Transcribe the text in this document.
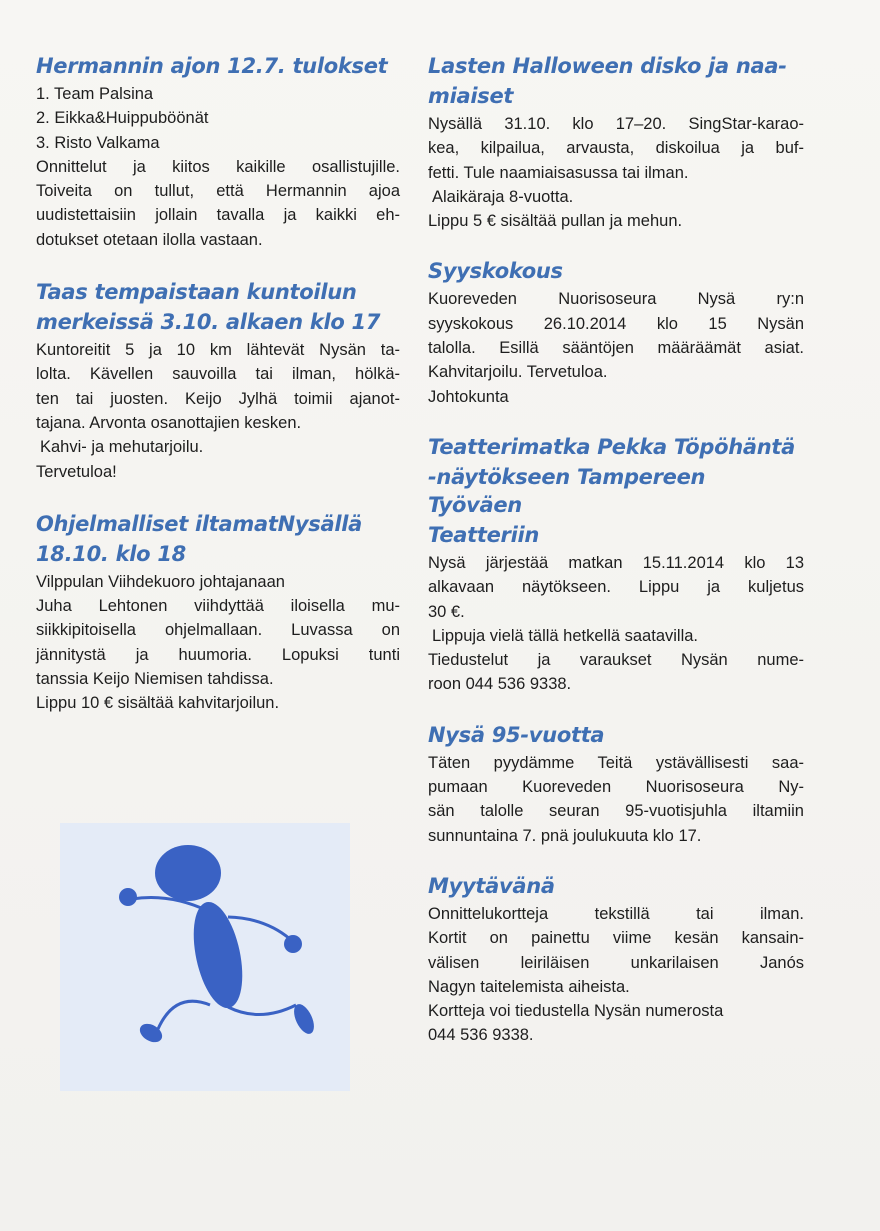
Hermannin ajon 12.7. tulokset
1. Team Palsina
2. Eikka&Huippuböönät
3. Risto Valkama
Onnittelut ja kiitos kaikille osallistujille.
Toiveita on tullut, että Hermannin ajoa
uudistettaisiin jollain tavalla ja kaikki eh-
dotukset otetaan ilolla vastaan.
Taas tempaistaan kuntoilun
merkeissä 3.10. alkaen klo 17
Kuntoreitit 5 ja 10 km lähtevät Nysän ta-
lolta. Kävellen sauvoilla tai ilman, hölkä-
ten tai juosten. Keijo Jylhä toimii ajanot-
tajana. Arvonta osanottajien kesken.
Kahvi- ja mehutarjoilu.
Tervetuloa!
Ohjelmalliset iltamatNysällä
18.10. klo 18
Vilppulan Viihdekuoro johtajanaan
Juha Lehtonen viihdyttää iloisella mu-
siikkipitoisella ohjelmallaan. Luvassa on
jännitystä ja huumoria. Lopuksi tunti
tanssia Keijo Niemisen tahdissa.
Lippu 10 € sisältää kahvitarjoilun.
Lasten Halloween disko ja naa-
miaiset
Nysällä 31.10. klo 17–20. SingStar-karao-
kea, kilpailua, arvausta, diskoilua ja buf-
fetti. Tule naamiaisasussa tai ilman.
Alaikäraja 8-vuotta.
Lippu 5 € sisältää pullan ja mehun.
Syyskokous
Kuoreveden Nuorisoseura Nysä ry:n
syyskokous 26.10.2014 klo 15 Nysän
talolla. Esillä sääntöjen määräämät asiat.
Kahvitarjoilu. Tervetuloa.
Johtokunta
Teatterimatka Pekka Töpöhäntä
-näytökseen Tampereen Työväen
Teatteriin
Nysä järjestää matkan 15.11.2014 klo 13
alkavaan näytökseen. Lippu ja kuljetus
30 €.
Lippuja vielä tällä hetkellä saatavilla.
Tiedustelut ja varaukset Nysän nume-
roon 044 536 9338.
Nysä 95-vuotta
Täten pyydämme Teitä ystävällisesti saa-
pumaan Kuoreveden Nuorisoseura Ny-
sän talolle seuran 95-vuotisjuhla iltamiin
sunnuntaina 7. pnä joulukuuta klo 17.
Myytävänä
Onnittelukortteja tekstillä tai ilman.
Kortit on painettu viime kesän kansain-
välisen leiriläisen unkarilaisen Janós
Nagyn taitelemista aiheista.
Kortteja voi tiedustella Nysän numerosta
044 536 9338.
